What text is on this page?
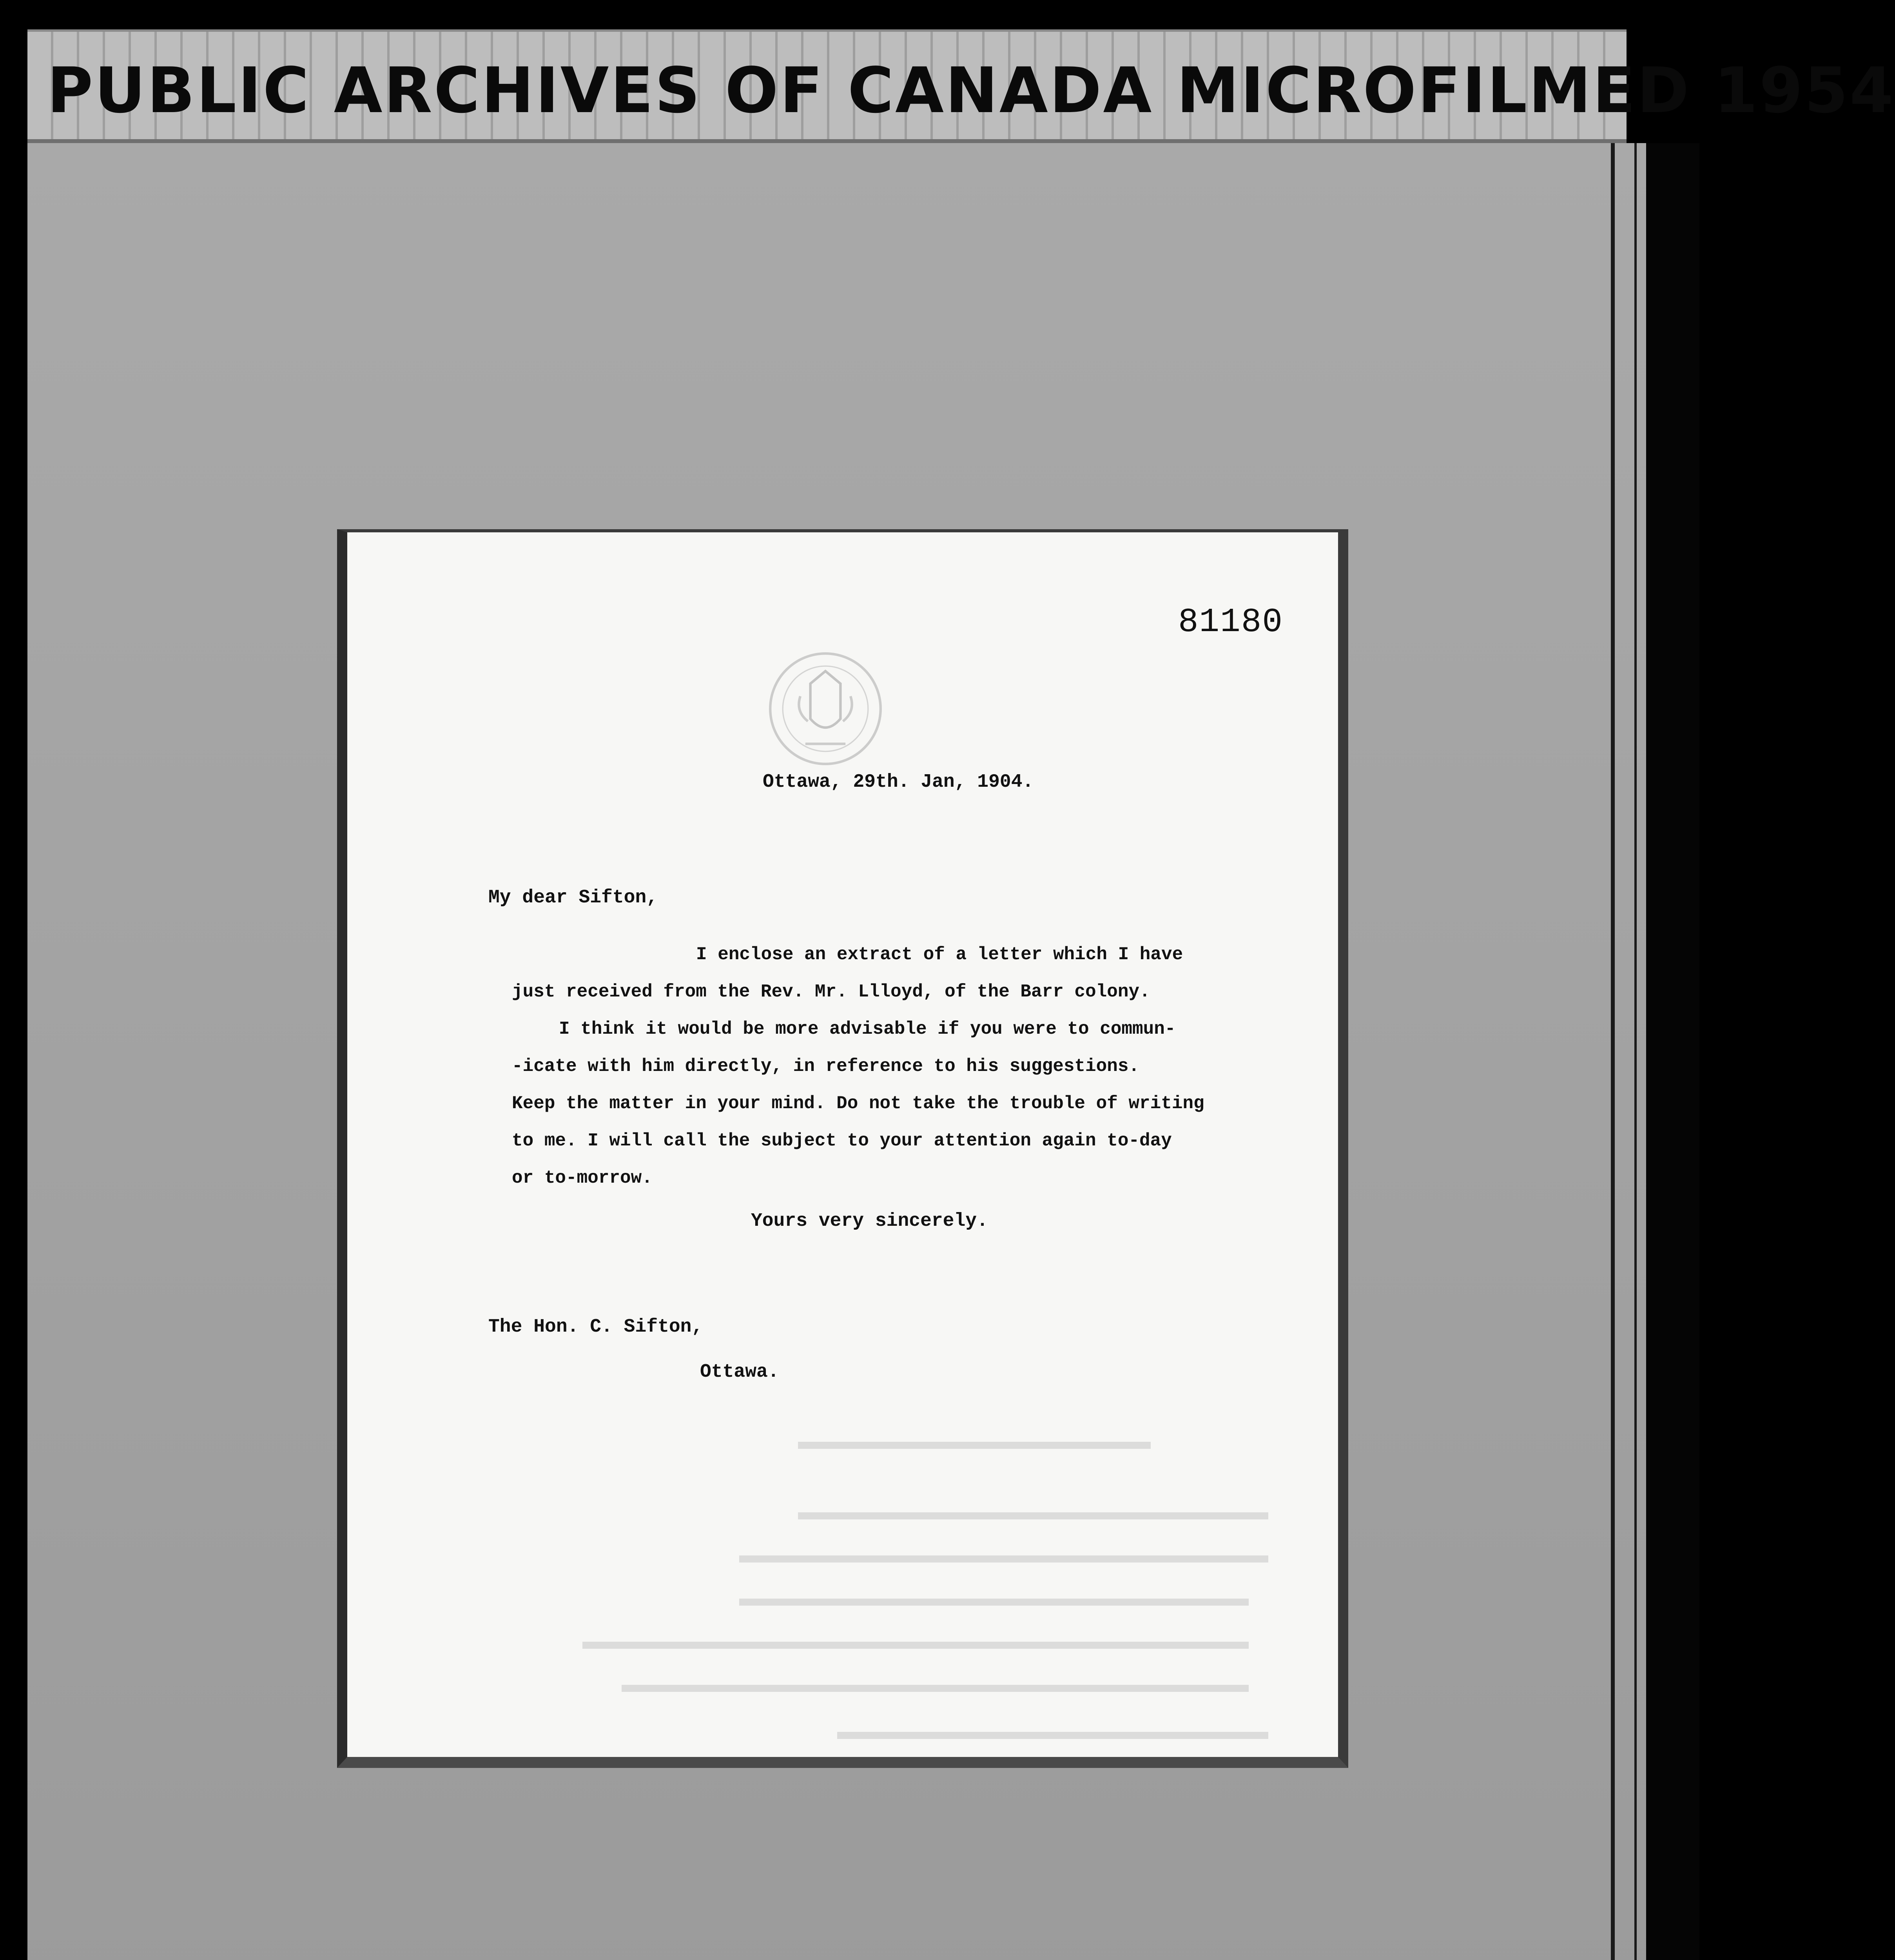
PUBLIC ARCHIVES OF CANADA MICROFILMED 1954
81180
Ottawa, 29th. Jan, 1904.
My dear Sifton,

I enclose an extract of a letter which I have

just received from the Rev. Mr. Llloyd, of the Barr colony.

I think it would be more advisable if you were to commun-

-icate with him directly, in reference to his suggestions.

Keep the matter in your mind. Do not take the trouble of writing

to me. I will call the subject to your attention again to-day

or to-morrow.

Yours very sincerely.
The Hon. C. Sifton,
Ottawa.
